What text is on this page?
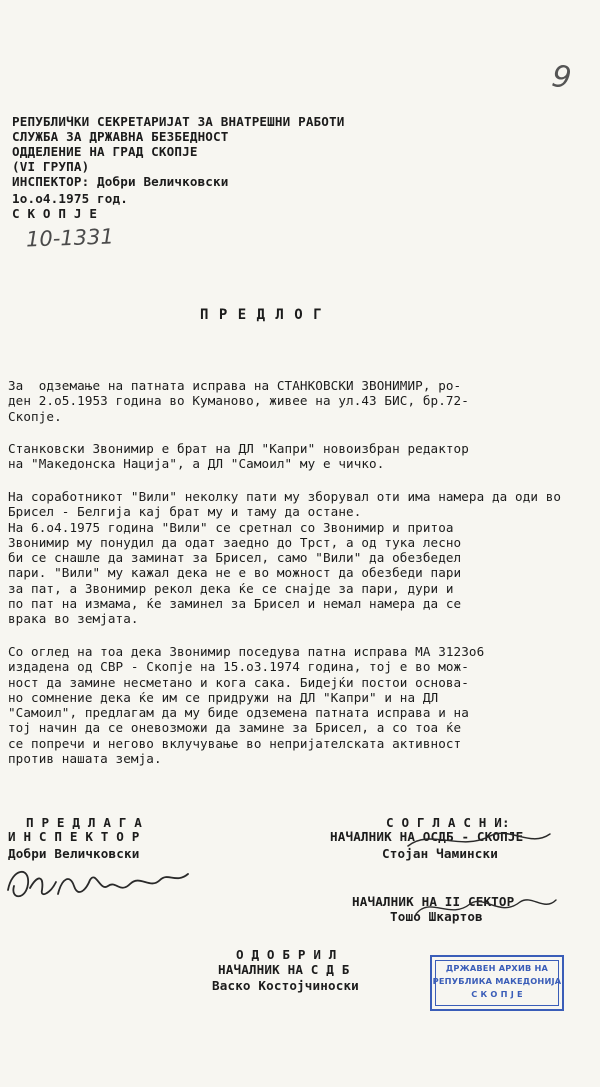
9
РЕПУБЛИЧКИ СЕКРЕТАРИЈАТ ЗА ВНАТРЕШНИ РАБОТИ
СЛУЖБА ЗА ДРЖАВНА БЕЗБЕДНОСТ
ОДДЕЛЕНИЕ НА ГРАД СКОПЈЕ
(VI ГРУПА)
ИНСПЕКТОР: Добри Величковски
1o.o4.1975 год.
С К О П Ј Е
10-1331
П Р Е Д Л О Г
За  одземање на патната исправа на СТАНКОВСКИ ЗВОНИМИР, ро-
ден 2.о5.1953 година во Куманово, живее на ул.43 БИС, бр.72-
Скопје.
Станковски Звонимир е брат на ДЛ "Капри" новоизбран редактор
на "Македонска Нација", а ДЛ "Самоил" му е чичко.
На соработникот "Вили" неколку пати му зборувал оти има намера да оди во Брисел - Белгија кај брат му и таму да остане.
На 6.о4.1975 година "Вили" се сретнал со Звонимир и притоа
Звонимир му понудил да одат заедно до Трст, а од тука лесно
би се снашле да заминат за Брисел, само "Вили" да обезбедел
пари. "Вили" му кажал дека не е во можност да обезбеди пари
за пат, а Звонимир рекол дека ќе се снајде за пари, дури и
по пат на измама, ќе заминел за Брисел и немал намера да се
врака во земјата.
Со оглед на тоа дека Звонимир поседува патна исправа МА 3123о6
издадена од СВР - Скопје на 15.о3.1974 година, тој е во мож-
ност да замине несметано и кога сака. Бидејќи постои основа-
но сомнение дека ќе им се придружи на ДЛ "Капри" и на ДЛ
"Самоил", предлагам да му биде одземена патната исправа и на
тој начин да се оневозможи да замине за Брисел, а со тоа ќе
се попречи и негово вклучување во непријателската активност
против нашата земја.
П Р Е Д Л А Г А
И Н С П Е К Т О Р
Добри Величковски
С О Г Л А С Н И:
НАЧАЛНИК НА ОСДБ - СКОПЈЕ
Стојан Чамински
НАЧАЛНИК НА II СЕКТОР
Тошо Шкартов
О Д О Б Р И Л
НАЧАЛНИК НА С Д Б
Васко Костојчиноски
ДРЖАВЕН АРХИВ НА
РЕПУБЛИКА МАКЕДОНИЈА
С К О П Ј Е
